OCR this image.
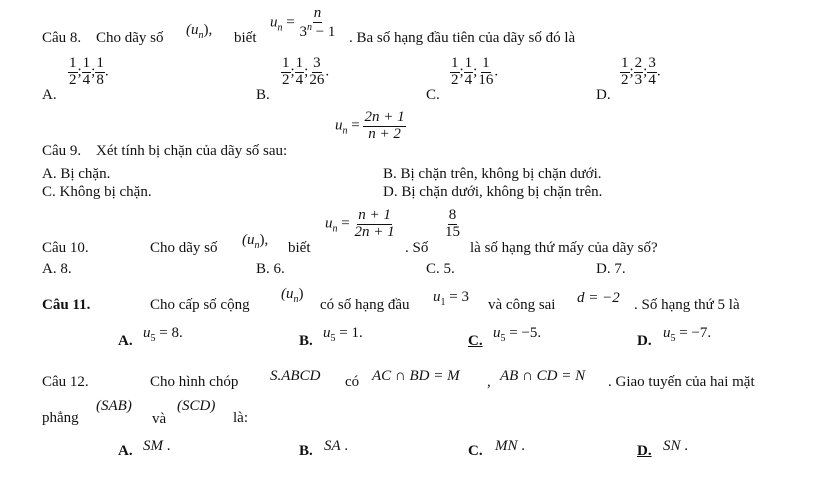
Câu 8. Cho dãy số $(u_n)$, biết
$u_n = \frac{n}{3^n - 1}$ . Ba số hạng đầu tiên của dãy số đó là
A.
$\frac{1}{2}$ ; $\frac{1}{4}$ ; $\frac{1}{8}$ .
B.
$\frac{1}{2}$ ; $\frac{1}{4}$ ; $\frac{3}{26}$ .
C.
$\frac{1}{2}$ ; $\frac{1}{4}$ ; $\frac{1}{16}$ .
D.
$\frac{1}{2}$ ; $\frac{2}{3}$ ; $\frac{3}{4}$ .
Câu 9. Xét tính bị chặn của dãy số sau:
$u_n = \frac{2n + 1}{n + 2}$
A. Bị chặn.	B. Bị chặn trên, không bị chặn dưới.
C. Không bị chặn.	D. Bị chặn dưới, không bị chặn trên.
Câu 10.	Cho dãy số $(u_n)$, biết
$u_n = \frac{n + 1}{2n + 1}$
. Số
$\frac{8}{15}$
là số hạng thứ mấy của dãy số?
A. 8.	B. 6.	C. 5.	D. 7.
Câu 11.	Cho cấp số cộng
$(u_n)$
có số hạng đầu $u_1 = 3$ và công sai d = −2 . Số hạng thứ 5 là
A. $u_5 = 8$.	B. $u_5 = 1$.	C. $u_5 = -5$.	D. $u_5 = -7$.
Câu 12.	Cho hình chóp S.ABCD có AC ∩ BD = M , AB ∩ CD = N . Giao tuyến của hai mặt
phẳng
(SAB)
và
(SCD)
là:
A. SM .	B. SA .	C. MN .	D. SN .
